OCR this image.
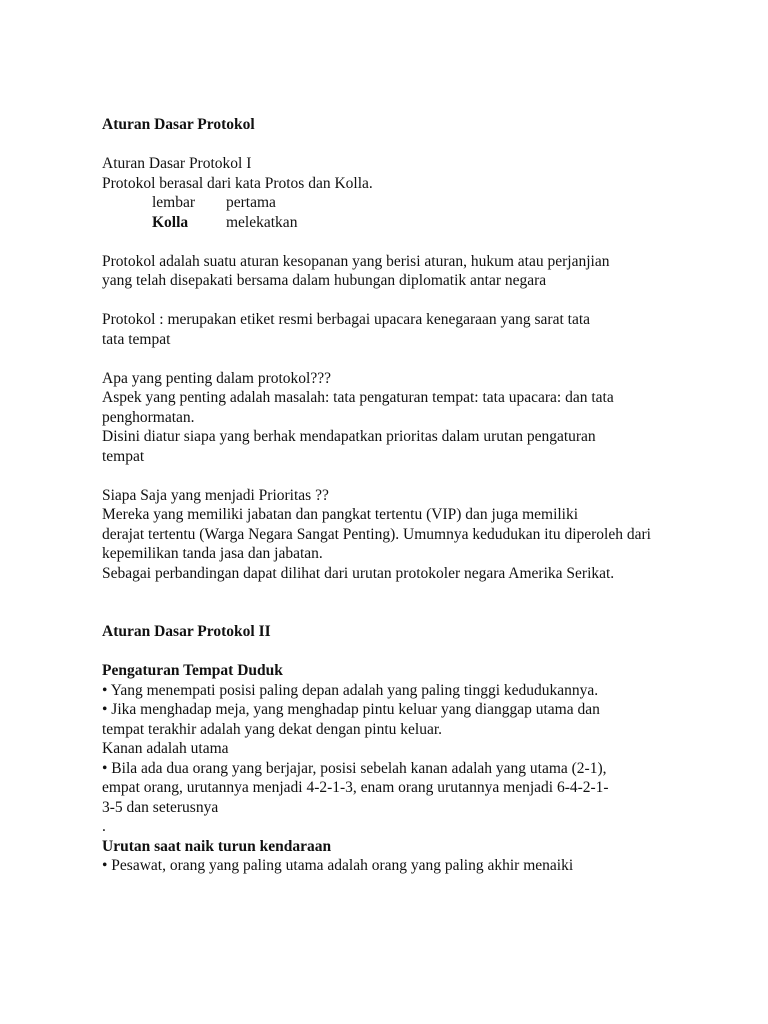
Aturan Dasar Protokol
Aturan Dasar Protokol I
Protokol berasal dari kata Protos dan Kolla.
lembar pertama
Kolla melekatkan
Protokol adalah suatu aturan kesopanan yang berisi aturan, hukum atau perjanjian
yang telah disepakati bersama dalam hubungan diplomatik antar negara
Protokol : merupakan etiket resmi berbagai upacara kenegaraan yang sarat tata
tata tempat
Apa yang penting dalam protokol???
Aspek yang penting adalah masalah: tata pengaturan tempat: tata upacara: dan tata
penghormatan.
Disini diatur siapa yang berhak mendapatkan prioritas dalam urutan pengaturan
tempat
Siapa Saja yang menjadi Prioritas ??
Mereka yang memiliki jabatan dan pangkat tertentu (VIP) dan juga memiliki
derajat tertentu (Warga Negara Sangat Penting). Umumnya kedudukan itu diperoleh dari
kepemilikan tanda jasa dan jabatan.
Sebagai perbandingan dapat dilihat dari urutan protokoler negara Amerika Serikat.
Aturan Dasar Protokol II
Pengaturan Tempat Duduk
• Yang menempati posisi paling depan adalah yang paling tinggi kedudukannya.
• Jika menghadap meja, yang menghadap pintu keluar yang dianggap utama dan
tempat terakhir adalah yang dekat dengan pintu keluar.
Kanan adalah utama
• Bila ada dua orang yang berjajar, posisi sebelah kanan adalah yang utama (2-1),
empat orang, urutannya menjadi 4-2-1-3, enam orang urutannya menjadi 6-4-2-1-
3-5 dan seterusnya
.
Urutan saat naik turun kendaraan
• Pesawat, orang yang paling utama adalah orang yang paling akhir menaiki
